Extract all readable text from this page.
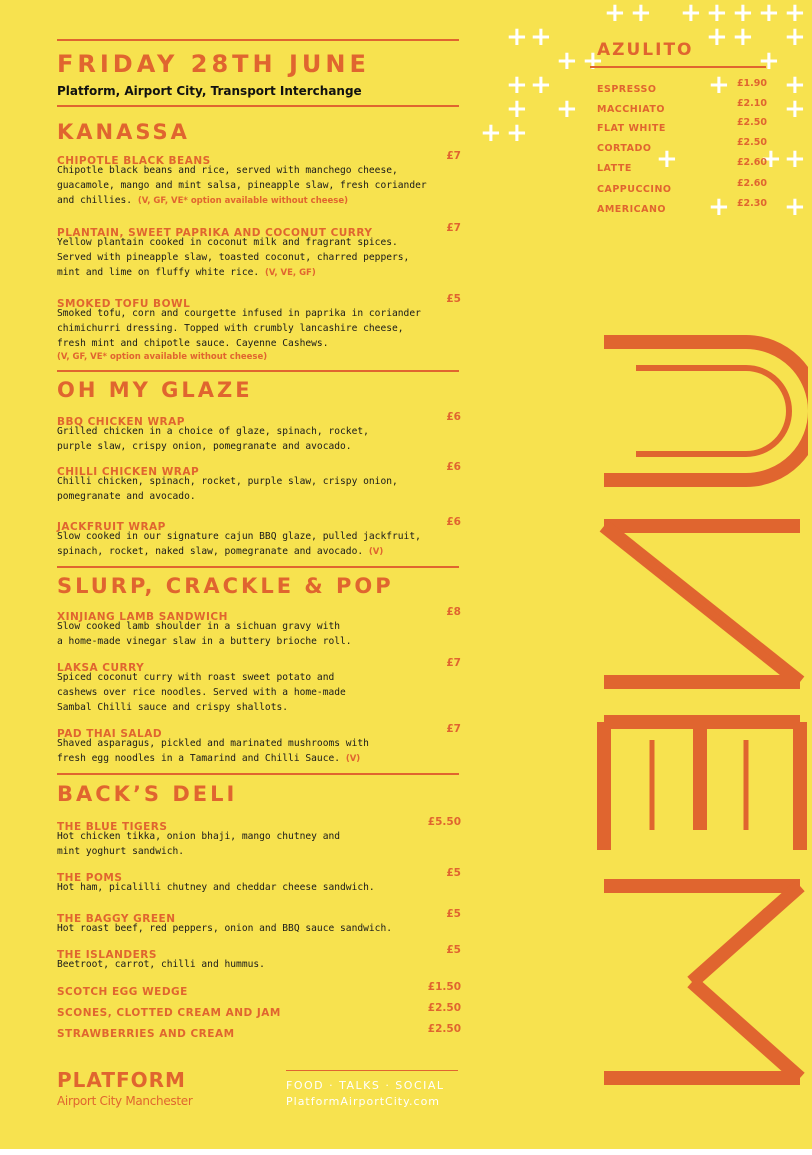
FRIDAY 28TH JUNE
Platform, Airport City, Transport Interchange
KANASSA
CHIPOTLE BLACK BEANS	£7
Chipotle black beans and rice, served with manchego cheese,
guacamole, mango and mint salsa, pineapple slaw, fresh coriander
and chillies. (V, GF, VE* option available without cheese)
PLANTAIN, SWEET PAPRIKA AND COCONUT CURRY	£7
Yellow plantain cooked in coconut milk and fragrant spices.
Served with pineapple slaw, toasted coconut, charred peppers,
mint and lime on fluffy white rice. (V, VE, GF)
SMOKED TOFU BOWL	£5
Smoked tofu, corn and courgette infused in paprika in coriander
chimichurri dressing. Topped with crumbly lancashire cheese,
fresh mint and chipotle sauce. Cayenne Cashews.
(V, GF, VE* option available without cheese)
OH MY GLAZE
BBQ CHICKEN WRAP	£6
Grilled chicken in a choice of glaze, spinach, rocket,
purple slaw, crispy onion, pomegranate and avocado.
CHILLI CHICKEN WRAP	£6
Chilli chicken, spinach, rocket, purple slaw, crispy onion,
pomegranate and avocado.
JACKFRUIT WRAP	£6
Slow cooked in our signature cajun BBQ glaze, pulled jackfruit,
spinach, rocket, naked slaw, pomegranate and avocado. (V)
SLURP, CRACKLE & POP
XINJIANG LAMB SANDWICH	£8
Slow cooked lamb shoulder in a sichuan gravy with
a home-made vinegar slaw in a buttery brioche roll.
LAKSA CURRY	£7
Spiced coconut curry with roast sweet potato and
cashews over rice noodles. Served with a home-made
Sambal Chilli sauce and crispy shallots.
PAD THAI SALAD	£7
Shaved asparagus, pickled and marinated mushrooms with
fresh egg noodles in a Tamarind and Chilli Sauce. (V)
BACK’S DELI
THE BLUE TIGERS	£5.50
Hot chicken tikka, onion bhaji, mango chutney and
mint yoghurt sandwich.
THE POMS	£5
Hot ham, picalilli chutney and cheddar cheese sandwich.
THE BAGGY GREEN	£5
Hot roast beef, red peppers, onion and BBQ sauce sandwich.
THE ISLANDERS	£5
Beetroot, carrot, chilli and hummus.
SCOTCH EGG WEDGE	£1.50
SCONES, CLOTTED CREAM AND JAM	£2.50
STRAWBERRIES AND CREAM	£2.50
+ +
+ + + + + + +
+ +
+ + +
+ +	+
+
+
+ +	+
+ +
+ +
+
+ +
AZULITO
ESPRESSO
£1.90
MACCHIATO
£2.10
FLAT WHITE
£2.50
CORTADO
£2.50
LATTE
£2.60
CAPPUCCINO
£2.60
AMERICANO
£2.30
MENU
PLATFORM
Airport City Manchester
FOOD · TALKS · SOCIAL
PlatformAirportCity.com
